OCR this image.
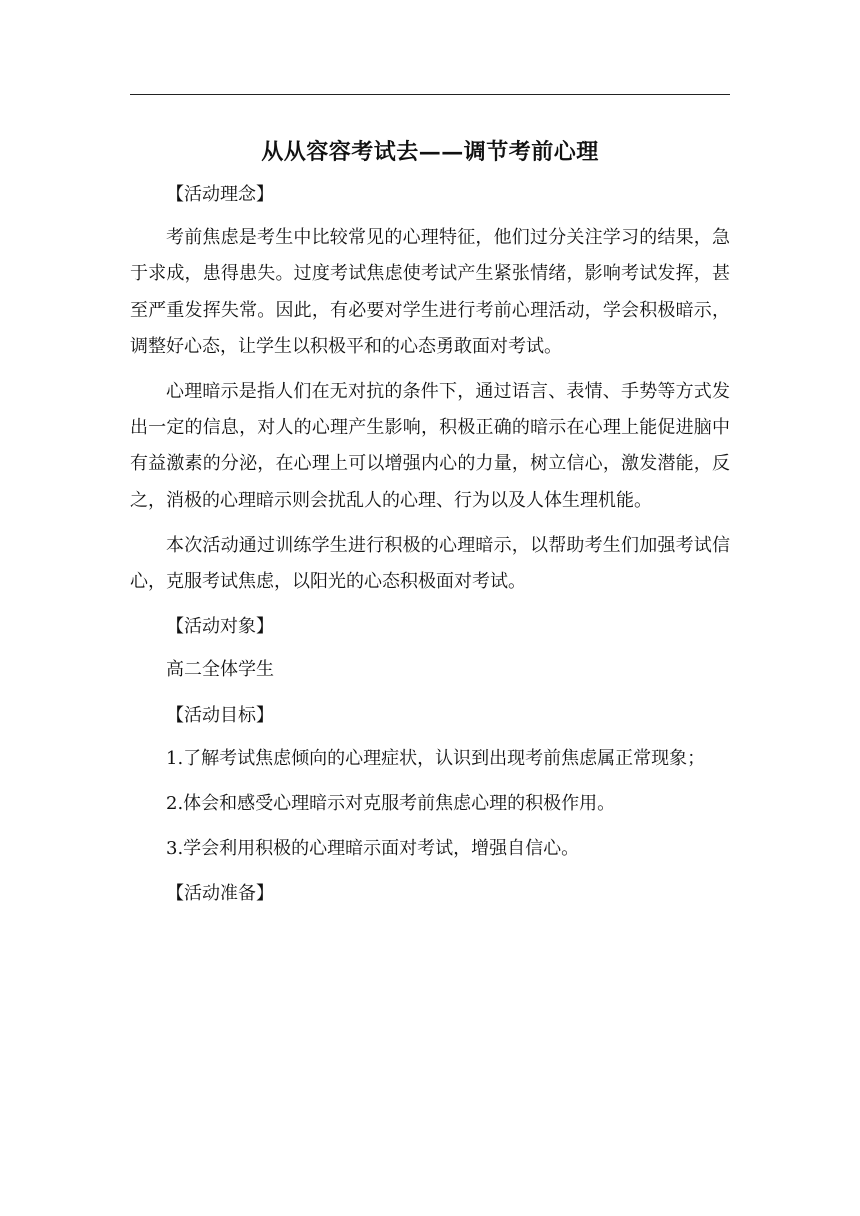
从从容容考试去——调节考前心理

【活动理念】

考前焦虑是考生中比较常见的心理特征，他们过分关注学习的结果，急于求成，患得患失。过度考试焦虑使考试产生紧张情绪，影响考试发挥，甚至严重发挥失常。因此，有必要对学生进行考前心理活动，学会积极暗示，调整好心态，让学生以积极平和的心态勇敢面对考试。

心理暗示是指人们在无对抗的条件下，通过语言、表情、手势等方式发出一定的信息，对人的心理产生影响，积极正确的暗示在心理上能促进脑中有益激素的分泌，在心理上可以增强内心的力量，树立信心，激发潜能，反之，消极的心理暗示则会扰乱人的心理、行为以及人体生理机能。

本次活动通过训练学生进行积极的心理暗示，以帮助考生们加强考试信心，克服考试焦虑，以阳光的心态积极面对考试。

【活动对象】

高二全体学生

【活动目标】

1.了解考试焦虑倾向的心理症状，认识到出现考前焦虑属正常现象；

2.体会和感受心理暗示对克服考前焦虑心理的积极作用。

3.学会利用积极的心理暗示面对考试，增强自信心。

【活动准备】
